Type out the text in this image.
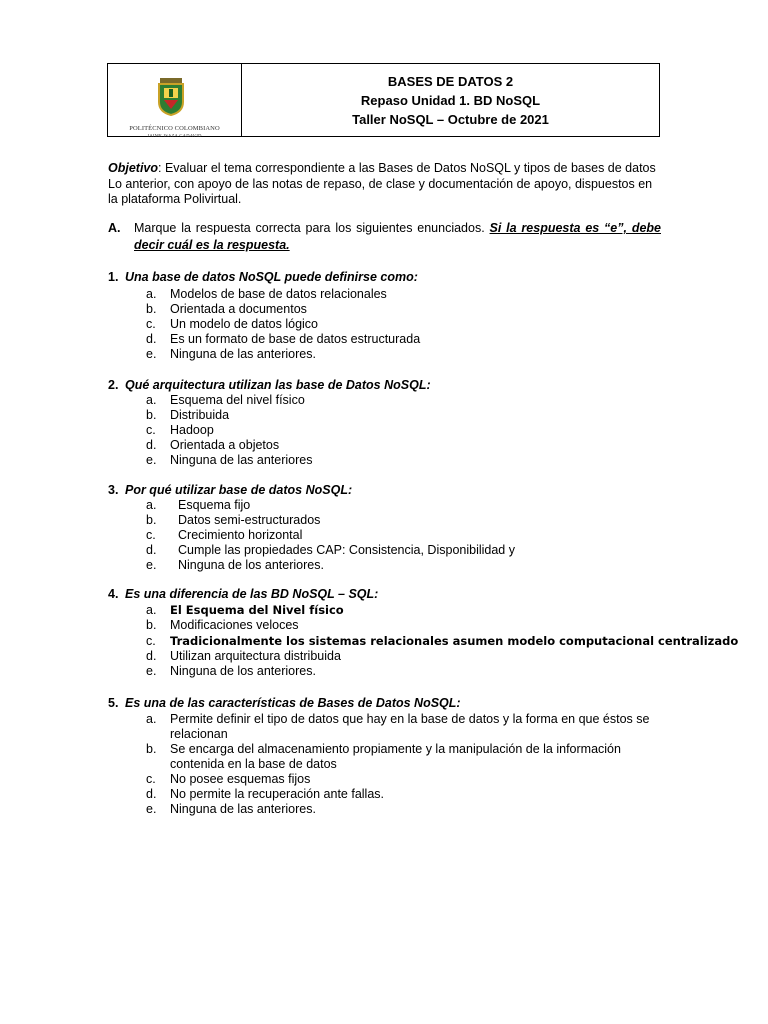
POLITÉCNICO COLOMBIANO
JAIME ISAZA CADAVID
BASES DE DATOS 2
Repaso Unidad 1. BD NoSQL
Taller NoSQL – Octubre de 2021
Objetivo: Evaluar el tema correspondiente a las Bases de Datos NoSQL y tipos de bases de datos
Lo anterior, con apoyo de las notas de repaso, de clase y documentación de apoyo, dispuestos en
la plataforma Polivirtual.
A. Marque la respuesta correcta para los siguientes enunciados. Si la respuesta es “e”, debe decir cuál es la respuesta.
1. Una base de datos NoSQL puede definirse como:
a. Modelos de base de datos relacionales
b. Orientada a documentos
c. Un modelo de datos lógico
d. Es un formato de base de datos estructurada
e. Ninguna de las anteriores.
2. Qué arquitectura utilizan las base de Datos NoSQL:
a. Esquema del nivel físico
b. Distribuida
c. Hadoop
d. Orientada a objetos
e. Ninguna de las anteriores
3. Por qué utilizar base de datos NoSQL:
a. Esquema fijo
b. Datos semi-estructurados
c. Crecimiento horizontal
d. Cumple las propiedades CAP: Consistencia, Disponibilidad y
e. Ninguna de los anteriores.
4. Es una diferencia de las BD NoSQL – SQL:
a. El Esquema del Nivel físico
b. Modificaciones veloces
c. Tradicionalmente los sistemas relacionales asumen modelo computacional centralizado
d. Utilizan arquitectura distribuida
e. Ninguna de los anteriores.
5. Es una de las características de Bases de Datos NoSQL:
a. Permite definir el tipo de datos que hay en la base de datos y la forma en que éstos se relacionan
b. Se encarga del almacenamiento propiamente y la manipulación de la información contenida en la base de datos
c. No posee esquemas fijos
d. No permite la recuperación ante fallas.
e. Ninguna de las anteriores.
